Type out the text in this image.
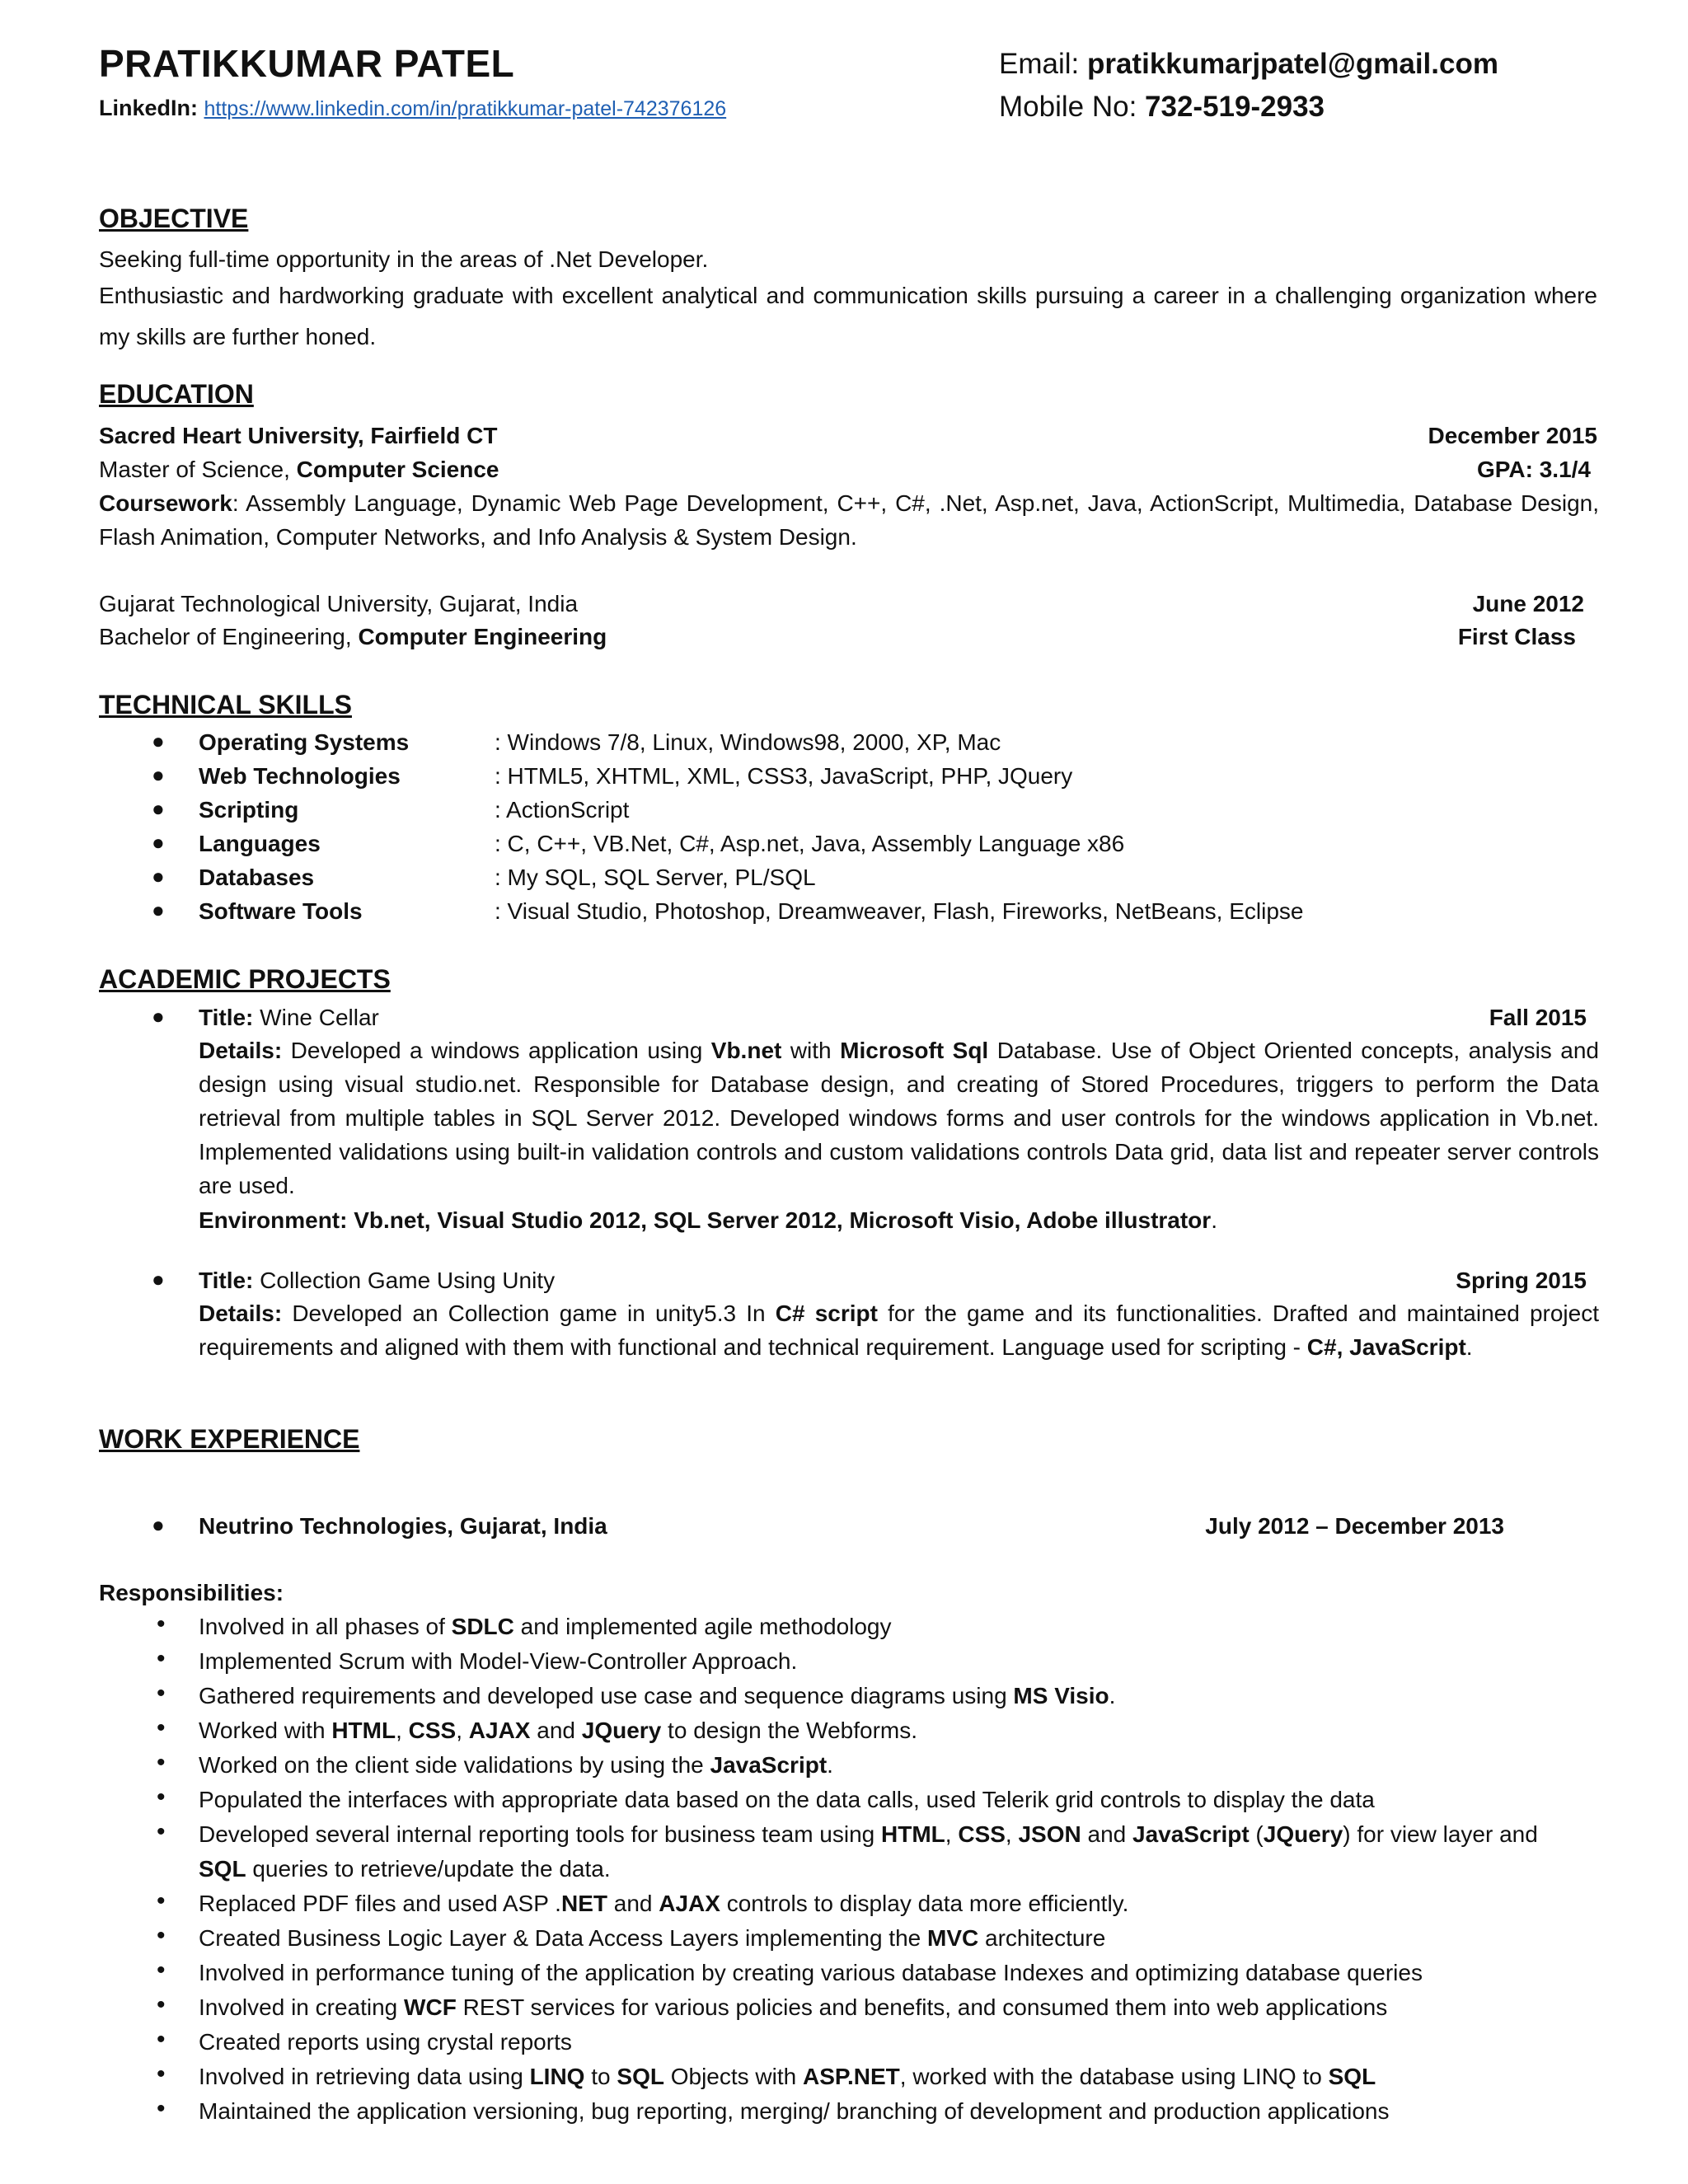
PRATIKKUMAR PATEL	Email: pratikkumarjpatel@gmail.com
LinkedIn: https://www.linkedin.com/in/pratikkumar-patel-742376126	Mobile No: 732-519-2933
OBJECTIVE
Seeking full-time opportunity in the areas of .Net Developer.
Enthusiastic and hardworking graduate with excellent analytical and communication skills pursuing a career in a challenging organization where my skills are further honed.
EDUCATION
Sacred Heart University, Fairfield CT	December 2015
Master of Science, Computer Science	GPA: 3.1/4
Coursework: Assembly Language, Dynamic Web Page Development, C++, C#, .Net, Asp.net, Java, ActionScript, Multimedia, Database Design, Flash Animation, Computer Networks, and Info Analysis & System Design.
Gujarat Technological University, Gujarat, India	June 2012
Bachelor of Engineering, Computer Engineering	First Class
TECHNICAL SKILLS
● Operating Systems	: Windows 7/8, Linux, Windows98, 2000, XP, Mac
● Web Technologies	: HTML5, XHTML, XML, CSS3, JavaScript, PHP, JQuery
● Scripting	: ActionScript
● Languages	: C, C++, VB.Net, C#, Asp.net, Java, Assembly Language x86
● Databases	: My SQL, SQL Server, PL/SQL
● Software Tools	: Visual Studio, Photoshop, Dreamweaver, Flash, Fireworks, NetBeans, Eclipse
ACADEMIC PROJECTS
● Title: Wine Cellar	Fall 2015
Details: Developed a windows application using Vb.net with Microsoft Sql Database. Use of Object Oriented concepts, analysis and design using visual studio.net. Responsible for Database design, and creating of Stored Procedures, triggers to perform the Data retrieval from multiple tables in SQL Server 2012. Developed windows forms and user controls for the windows application in Vb.net. Implemented validations using built-in validation controls and custom validations controls Data grid, data list and repeater server controls are used.
Environment: Vb.net, Visual Studio 2012, SQL Server 2012, Microsoft Visio, Adobe illustrator.
● Title: Collection Game Using Unity	Spring 2015
Details: Developed an Collection game in unity5.3 In C# script for the game and its functionalities. Drafted and maintained project requirements and aligned with them with functional and technical requirement. Language used for scripting - C#, JavaScript.
WORK EXPERIENCE
● Neutrino Technologies, Gujarat, India	July 2012 – December 2013
Responsibilities:
• Involved in all phases of SDLC and implemented agile methodology
• Implemented Scrum with Model-View-Controller Approach.
• Gathered requirements and developed use case and sequence diagrams using MS Visio.
• Worked with HTML, CSS, AJAX and JQuery to design the Webforms.
• Worked on the client side validations by using the JavaScript.
• Populated the interfaces with appropriate data based on the data calls, used Telerik grid controls to display the data
• Developed several internal reporting tools for business team using HTML, CSS, JSON and JavaScript (JQuery) for view layer and SQL queries to retrieve/update the data.
• Replaced PDF files and used ASP .NET and AJAX controls to display data more efficiently.
• Created Business Logic Layer & Data Access Layers implementing the MVC architecture
• Involved in performance tuning of the application by creating various database Indexes and optimizing database queries
• Involved in creating WCF REST services for various policies and benefits, and consumed them into web applications
• Created reports using crystal reports
• Involved in retrieving data using LINQ to SQL Objects with ASP.NET, worked with the database using LINQ to SQL
• Maintained the application versioning, bug reporting, merging/ branching of development and production applications
